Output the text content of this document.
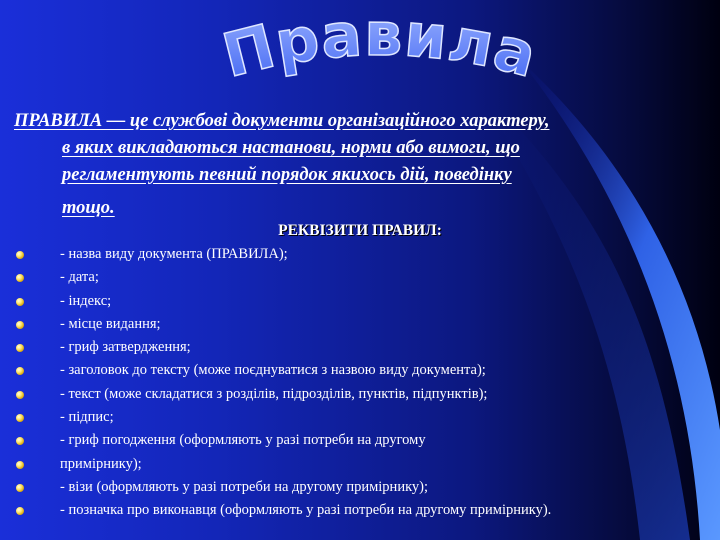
Правила
ПРАВИЛА — це службові документи організаційного характеру,
в яких викладаються настанови, норми або вимоги, що
регламентують певний порядок якихось дій, поведінку
тощо.
РЕКВІЗИТИ ПРАВИЛ:
- назва виду документа (ПРАВИЛА);
- дата;
- індекс;
- місце видання;
- гриф затвердження;
- заголовок до тексту (може поєднуватися з назвою виду документа);
- текст (може складатися з розділів, підрозділів, пунктів, підпунктів);
- підпис;
- гриф погодження (оформляють у разі потреби на другому
примірнику);
- візи (оформляють у разі потреби на другому примірнику);
- позначка про виконавця (оформляють у разі потреби на другому примірнику).
